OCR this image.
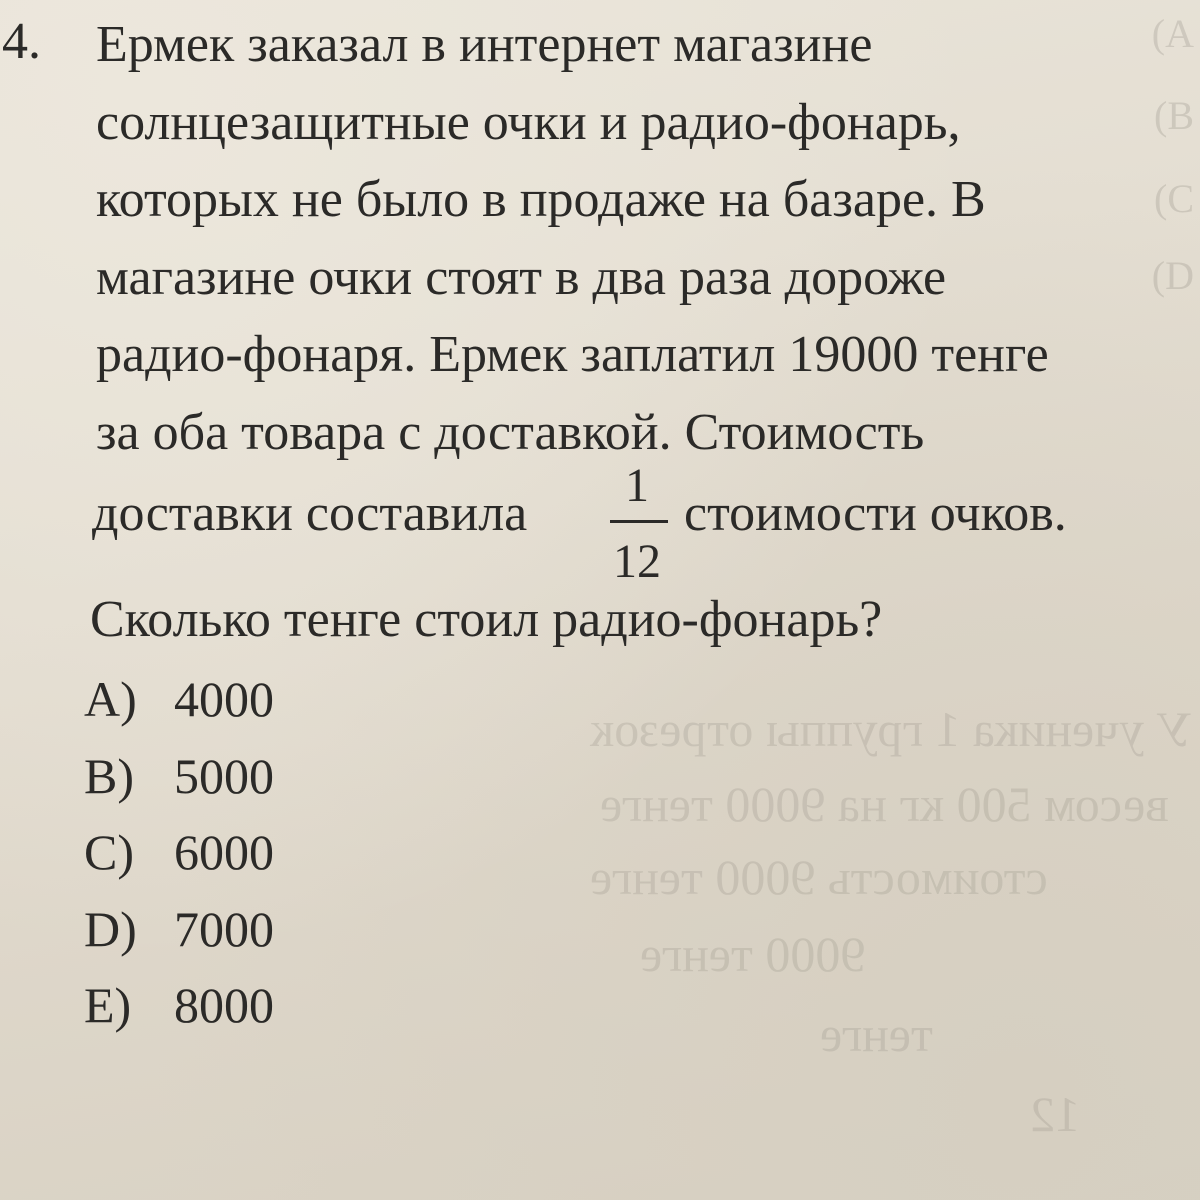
У ученика 1 группы отрезок
весом 500 кг на 9000 тенге
стоимость 9000 тенге
9000 тенге
тенге
12
(A
(B
(C
(D
4. Ермек заказал в интернет магазине
солнцезащитные очки и радио-фонарь,
которых не было в продаже на базаре. В
магазине очки стоят в два раза дороже
радио-фонаря. Ермек заплатил 19000 тенге
за оба товара с доставкой. Стоимость
доставки составила	1
12
стоимости очков.
Сколько тенге стоил радио-фонарь?
A) 4000
B) 5000
C) 6000
D) 7000
E) 8000
